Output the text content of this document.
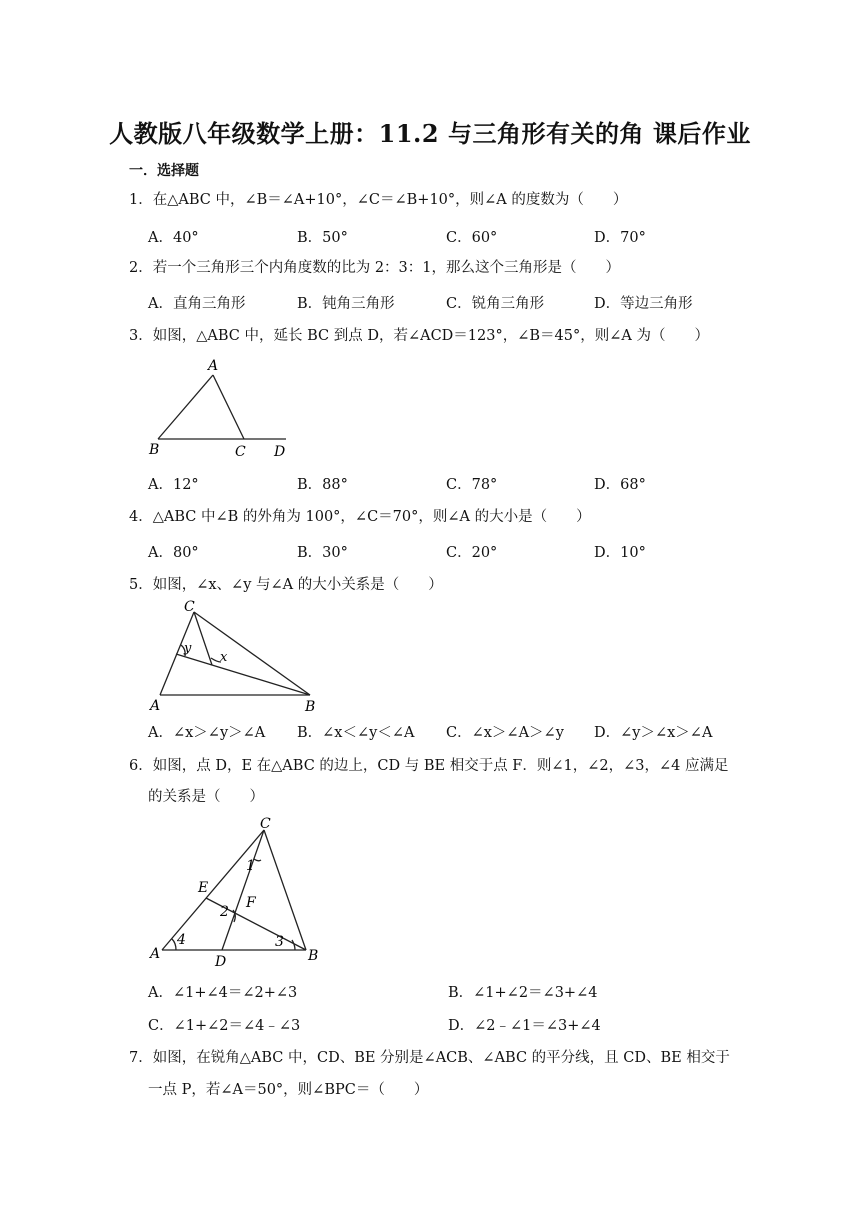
人教版八年级数学上册：11.2 与三角形有关的角 课后作业
一．选择题
1．在△ABC 中，∠B＝∠A+10°，∠C＝∠B+10°，则∠A 的度数为（　　）
A．40°	B．50°	C．60°	D．70°
2．若一个三角形三个内角度数的比为 2：3：1，那么这个三角形是（　　）
A．直角三角形	B．钝角三角形	C．锐角三角形	D．等边三角形
3．如图，△ABC 中，延长 BC 到点 D，若∠ACD＝123°，∠B＝45°，则∠A 为（　　）
A
B	C D
A．12°	B．88°	C．78°	D．68°
4．△ABC 中∠B 的外角为 100°，∠C＝70°，则∠A 的大小是（　　）
A．80°	B．30°	C．20°	D．10°
5．如图，∠x、∠y 与∠A 的大小关系是（　　）
C
y
x
A	B
A．∠x＞∠y＞∠A B．∠x＜∠y＜∠A C．∠x＞∠A＞∠y D．∠y＞∠x＞∠A
6．如图，点 D，E 在△ABC 的边上，CD 与 BE 相交于点 F．则∠1，∠2，∠3，∠4 应满足
的关系是（　　）
C
1
E
F
2
A
4	3
D	B
A．∠1+∠4＝∠2+∠3	B．∠1+∠2＝∠3+∠4
C．∠1+∠2＝∠4﹣∠3	D．∠2﹣∠1＝∠3+∠4
7．如图，在锐角△ABC 中，CD、BE 分别是∠ACB、∠ABC 的平分线，且 CD、BE 相交于
一点 P，若∠A＝50°，则∠BPC＝（　　）
